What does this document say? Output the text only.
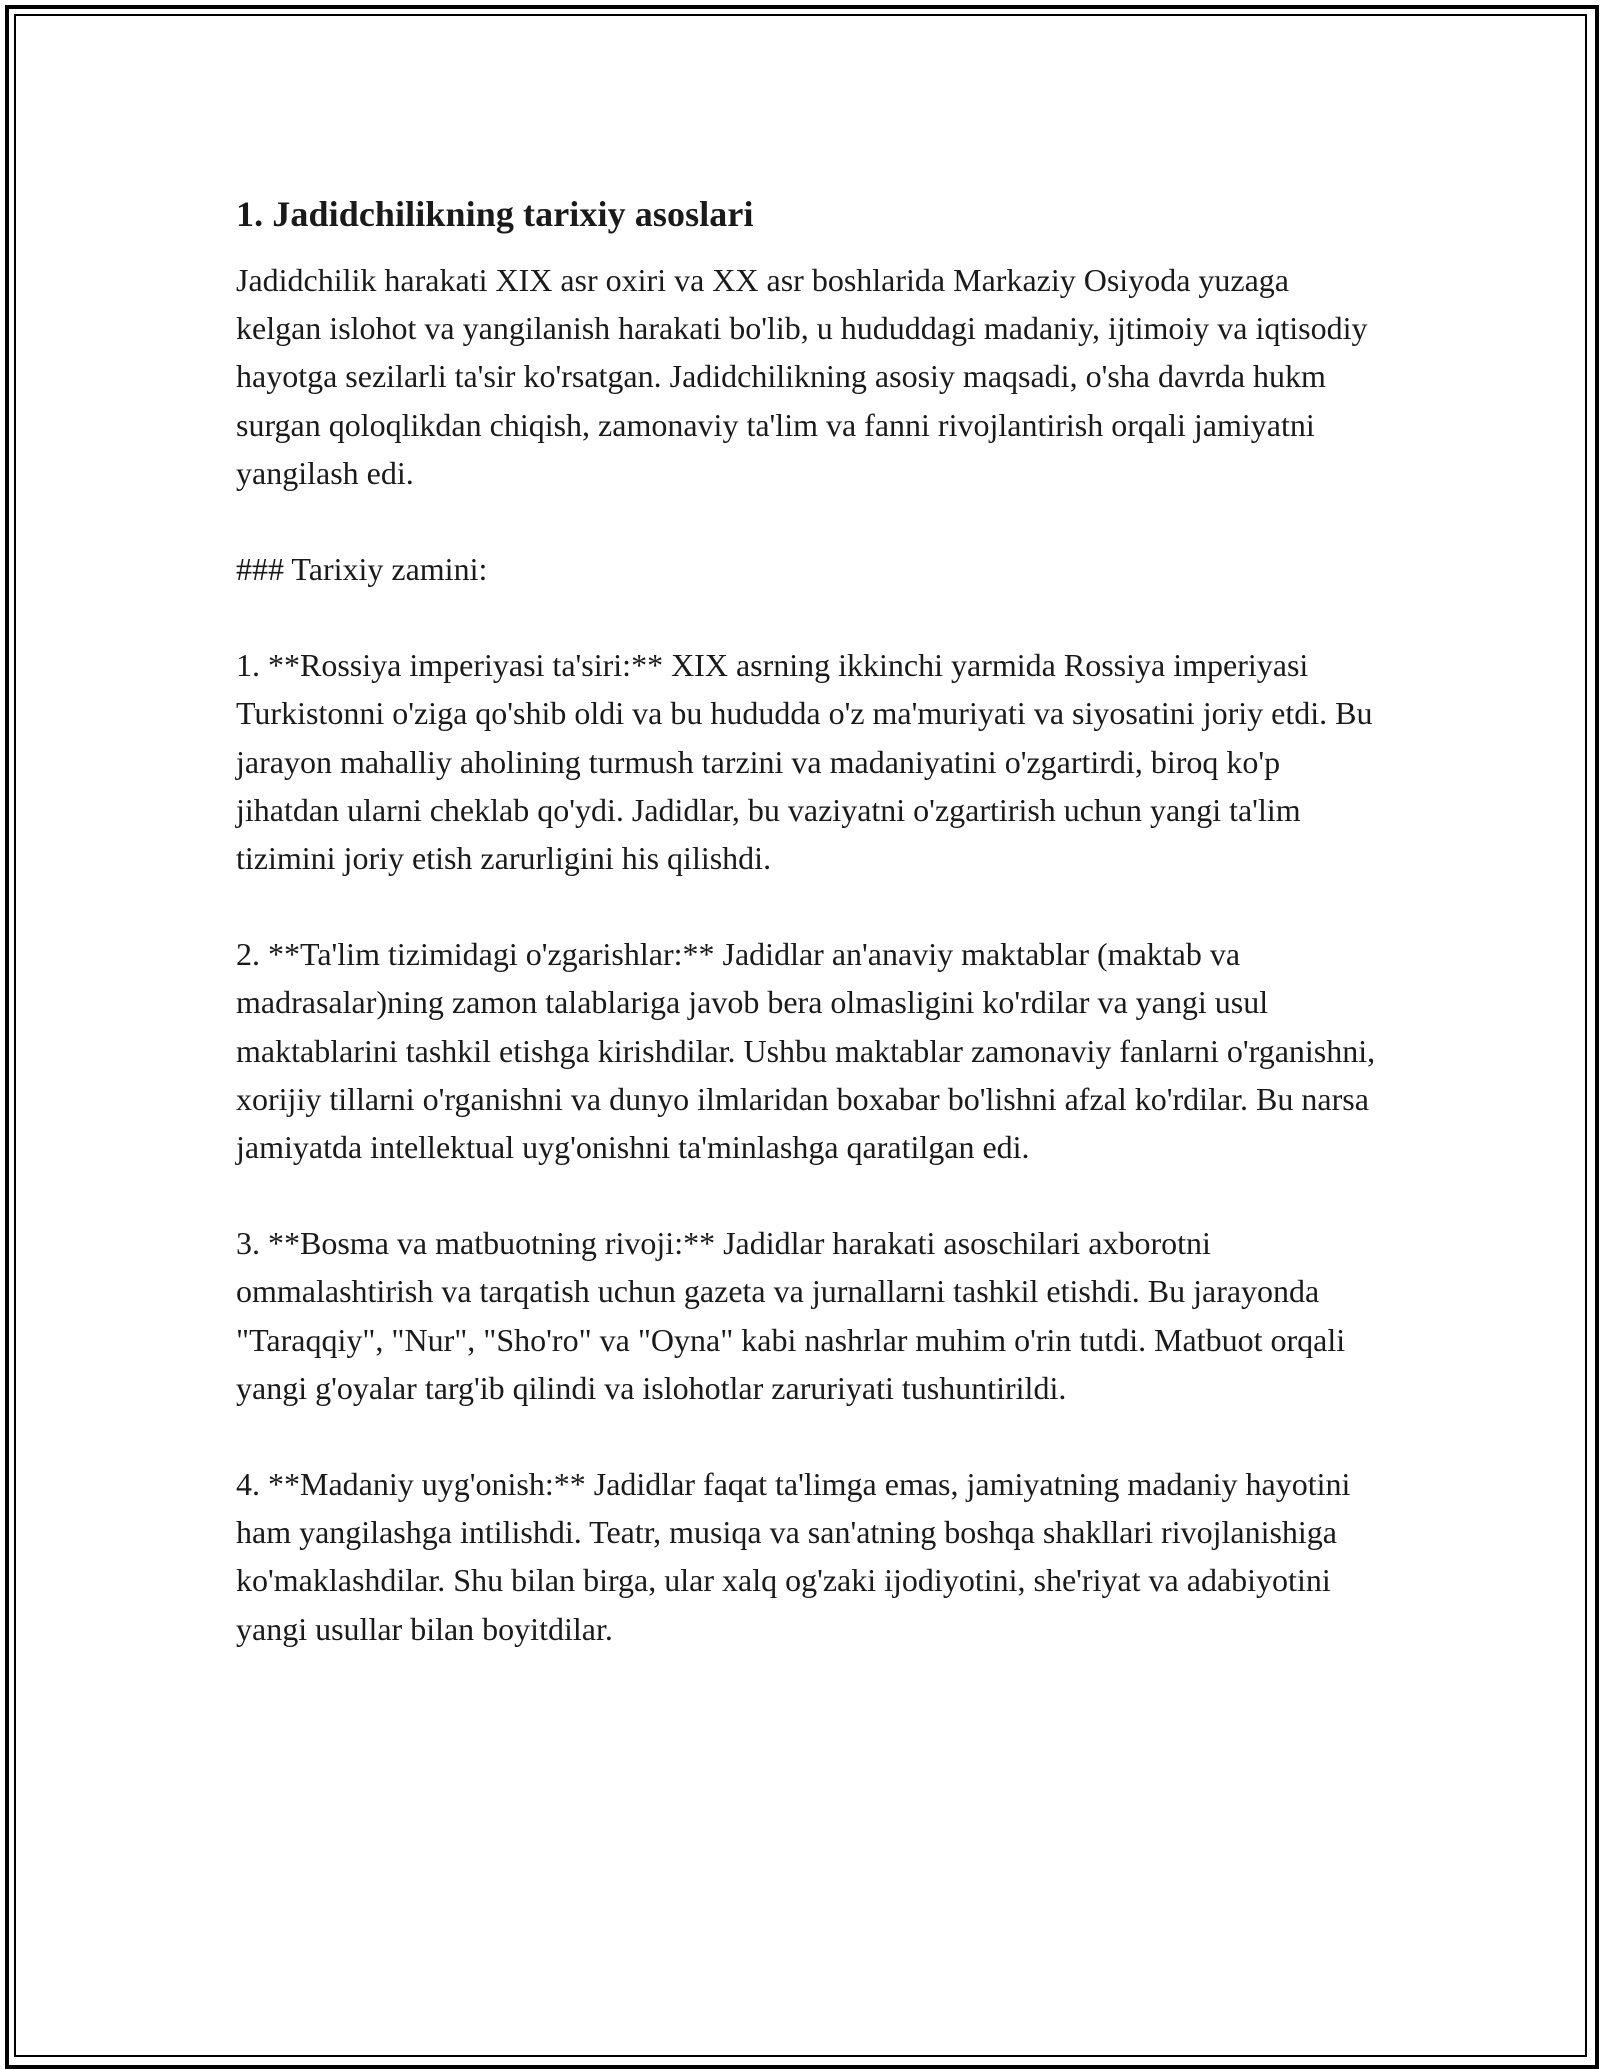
1. Jadidchilikning tarixiy asoslari

Jadidchilik harakati XIX asr oxiri va XX asr boshlarida Markaziy Osiyoda yuzaga kelgan islohot va yangilanish harakati bo'lib, u hududdagi madaniy, ijtimoiy va iqtisodiy hayotga sezilarli ta'sir ko'rsatgan. Jadidchilikning asosiy maqsadi, o'sha davrda hukm surgan qoloqlikdan chiqish, zamonaviy ta'lim va fanni rivojlantirish orqali jamiyatni yangilash edi.

### Tarixiy zamini:

1. **Rossiya imperiyasi ta'siri:** XIX asrning ikkinchi yarmida Rossiya imperiyasi Turkistonni o'ziga qo'shib oldi va bu hududda o'z ma'muriyati va siyosatini joriy etdi. Bu jarayon mahalliy aholining turmush tarzini va madaniyatini o'zgartirdi, biroq ko'p jihatdan ularni cheklab qo'ydi. Jadidlar, bu vaziyatni o'zgartirish uchun yangi ta'lim tizimini joriy etish zarurligini his qilishdi.

2. **Ta'lim tizimidagi o'zgarishlar:** Jadidlar an'anaviy maktablar (maktab va madrasalar)ning zamon talablariga javob bera olmasligini ko'rdilar va yangi usul maktablarini tashkil etishga kirishdilar. Ushbu maktablar zamonaviy fanlarni o'rganishni, xorijiy tillarni o'rganishni va dunyo ilmlaridan boxabar bo'lishni afzal ko'rdilar. Bu narsa jamiyatda intellektual uyg'onishni ta'minlashga qaratilgan edi.

3. **Bosma va matbuotning rivoji:** Jadidlar harakati asoschilari axborotni ommalashtirish va tarqatish uchun gazeta va jurnallarni tashkil etishdi. Bu jarayonda "Taraqqiy", "Nur", "Sho'ro" va "Oyna" kabi nashrlar muhim o'rin tutdi. Matbuot orqali yangi g'oyalar targ'ib qilindi va islohotlar zaruriyati tushuntirildi.

4. **Madaniy uyg'onish:** Jadidlar faqat ta'limga emas, jamiyatning madaniy hayotini ham yangilashga intilishdi. Teatr, musiqa va san'atning boshqa shakllari rivojlanishiga ko'maklashdilar. Shu bilan birga, ular xalq og'zaki ijodiyotini, she'riyat va adabiyotini yangi usullar bilan boyitdilar.
